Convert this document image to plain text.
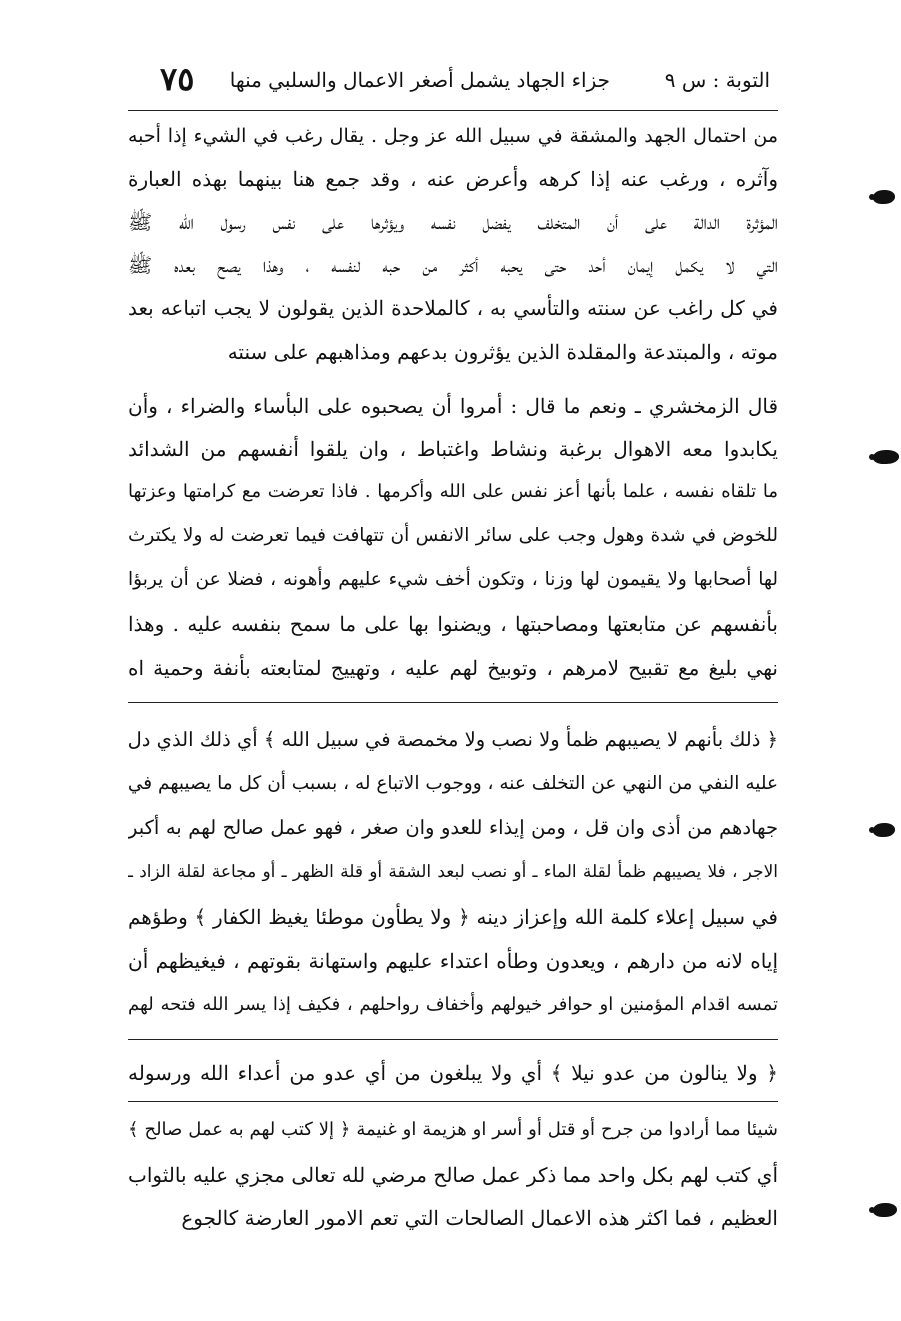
التوبة : س ٩
جزاء الجهاد يشمل أصغر الاعمال والسلبي منها
٧٥
من احتمال الجهد والمشقة في سبيل الله عز وجل . يقال رغب في الشيء إذا أحبه
وآثره ، ورغب عنه إذا كرهه وأعرض عنه ، وقد جمع هنا بينهما بهذه العبارة
المؤثرة الدالة على أن المتخلف يفضل نفسه ويؤثرها على نفس رسول الله ﷺ
التي لا يكمل إيمان أحد حتى يحبه أكثر من حبه لنفسه ، وهذا يصح بعده ﷺ
في كل راغب عن سنته والتأسي به ، كالملاحدة الذين يقولون لا يجب اتباعه بعد
موته ، والمبتدعة والمقلدة الذين يؤثرون بدعهم ومذاهبهم على سنته
قال الزمخشري ـ ونعم ما قال : أمروا أن يصحبوه على البأساء والضراء ، وأن
يكابدوا معه الاهوال برغبة ونشاط واغتباط ، وان يلقوا أنفسهم من الشدائد
ما تلقاه نفسه ، علما بأنها أعز نفس على الله وأكرمها . فاذا تعرضت مع كرامتها وعزتها
للخوض في شدة وهول وجب على سائر الانفس أن تتهافت فيما تعرضت له ولا يكترث
لها أصحابها ولا يقيمون لها وزنا ، وتكون أخف شيء عليهم وأهونه ، فضلا عن أن يربؤا
بأنفسهم عن متابعتها ومصاحبتها ، ويضنوا بها على ما سمح بنفسه عليه . وهذا
نهي بليغ مع تقبيح لامرهم ، وتوبيخ لهم عليه ، وتهييج لمتابعته بأنفة وحمية اه
﴿ ذلك بأنهم لا يصيبهم ظمأ ولا نصب ولا مخمصة في سبيل الله ﴾ أي ذلك الذي دل
عليه النفي من النهي عن التخلف عنه ، ووجوب الاتباع له ، بسبب أن كل ما يصيبهم في
جهادهم من أذى وان قل ، ومن إيذاء للعدو وان صغر ، فهو عمل صالح لهم به أكبر
الاجر ، فلا يصيبهم ظمأ لقلة الماء ـ أو نصب لبعد الشقة أو قلة الظهر ـ أو مجاعة لقلة الزاد ـ
في سبيل إعلاء كلمة الله وإعزاز دينه ﴿ ولا يطأون موطئا يغيظ الكفار ﴾ وطؤهم
إياه لانه من دارهم ، ويعدون وطأه اعتداء عليهم واستهانة بقوتهم ، فيغيظهم أن
تمسه اقدام المؤمنين او حوافر خيولهم وأخفاف رواحلهم ، فكيف إذا يسر الله فتحه لهم
﴿ ولا ينالون من عدو نيلا ﴾ أي ولا يبلغون من أي عدو من أعداء الله ورسوله
شيئا مما أرادوا من جرح أو قتل أو أسر او هزيمة او غنيمة ﴿ إلا كتب لهم به عمل صالح ﴾
أي كتب لهم بكل واحد مما ذكر عمل صالح مرضي لله تعالى مجزي عليه بالثواب
العظيم ، فما اكثر هذه الاعمال الصالحات التي تعم الامور العارضة كالجوع
